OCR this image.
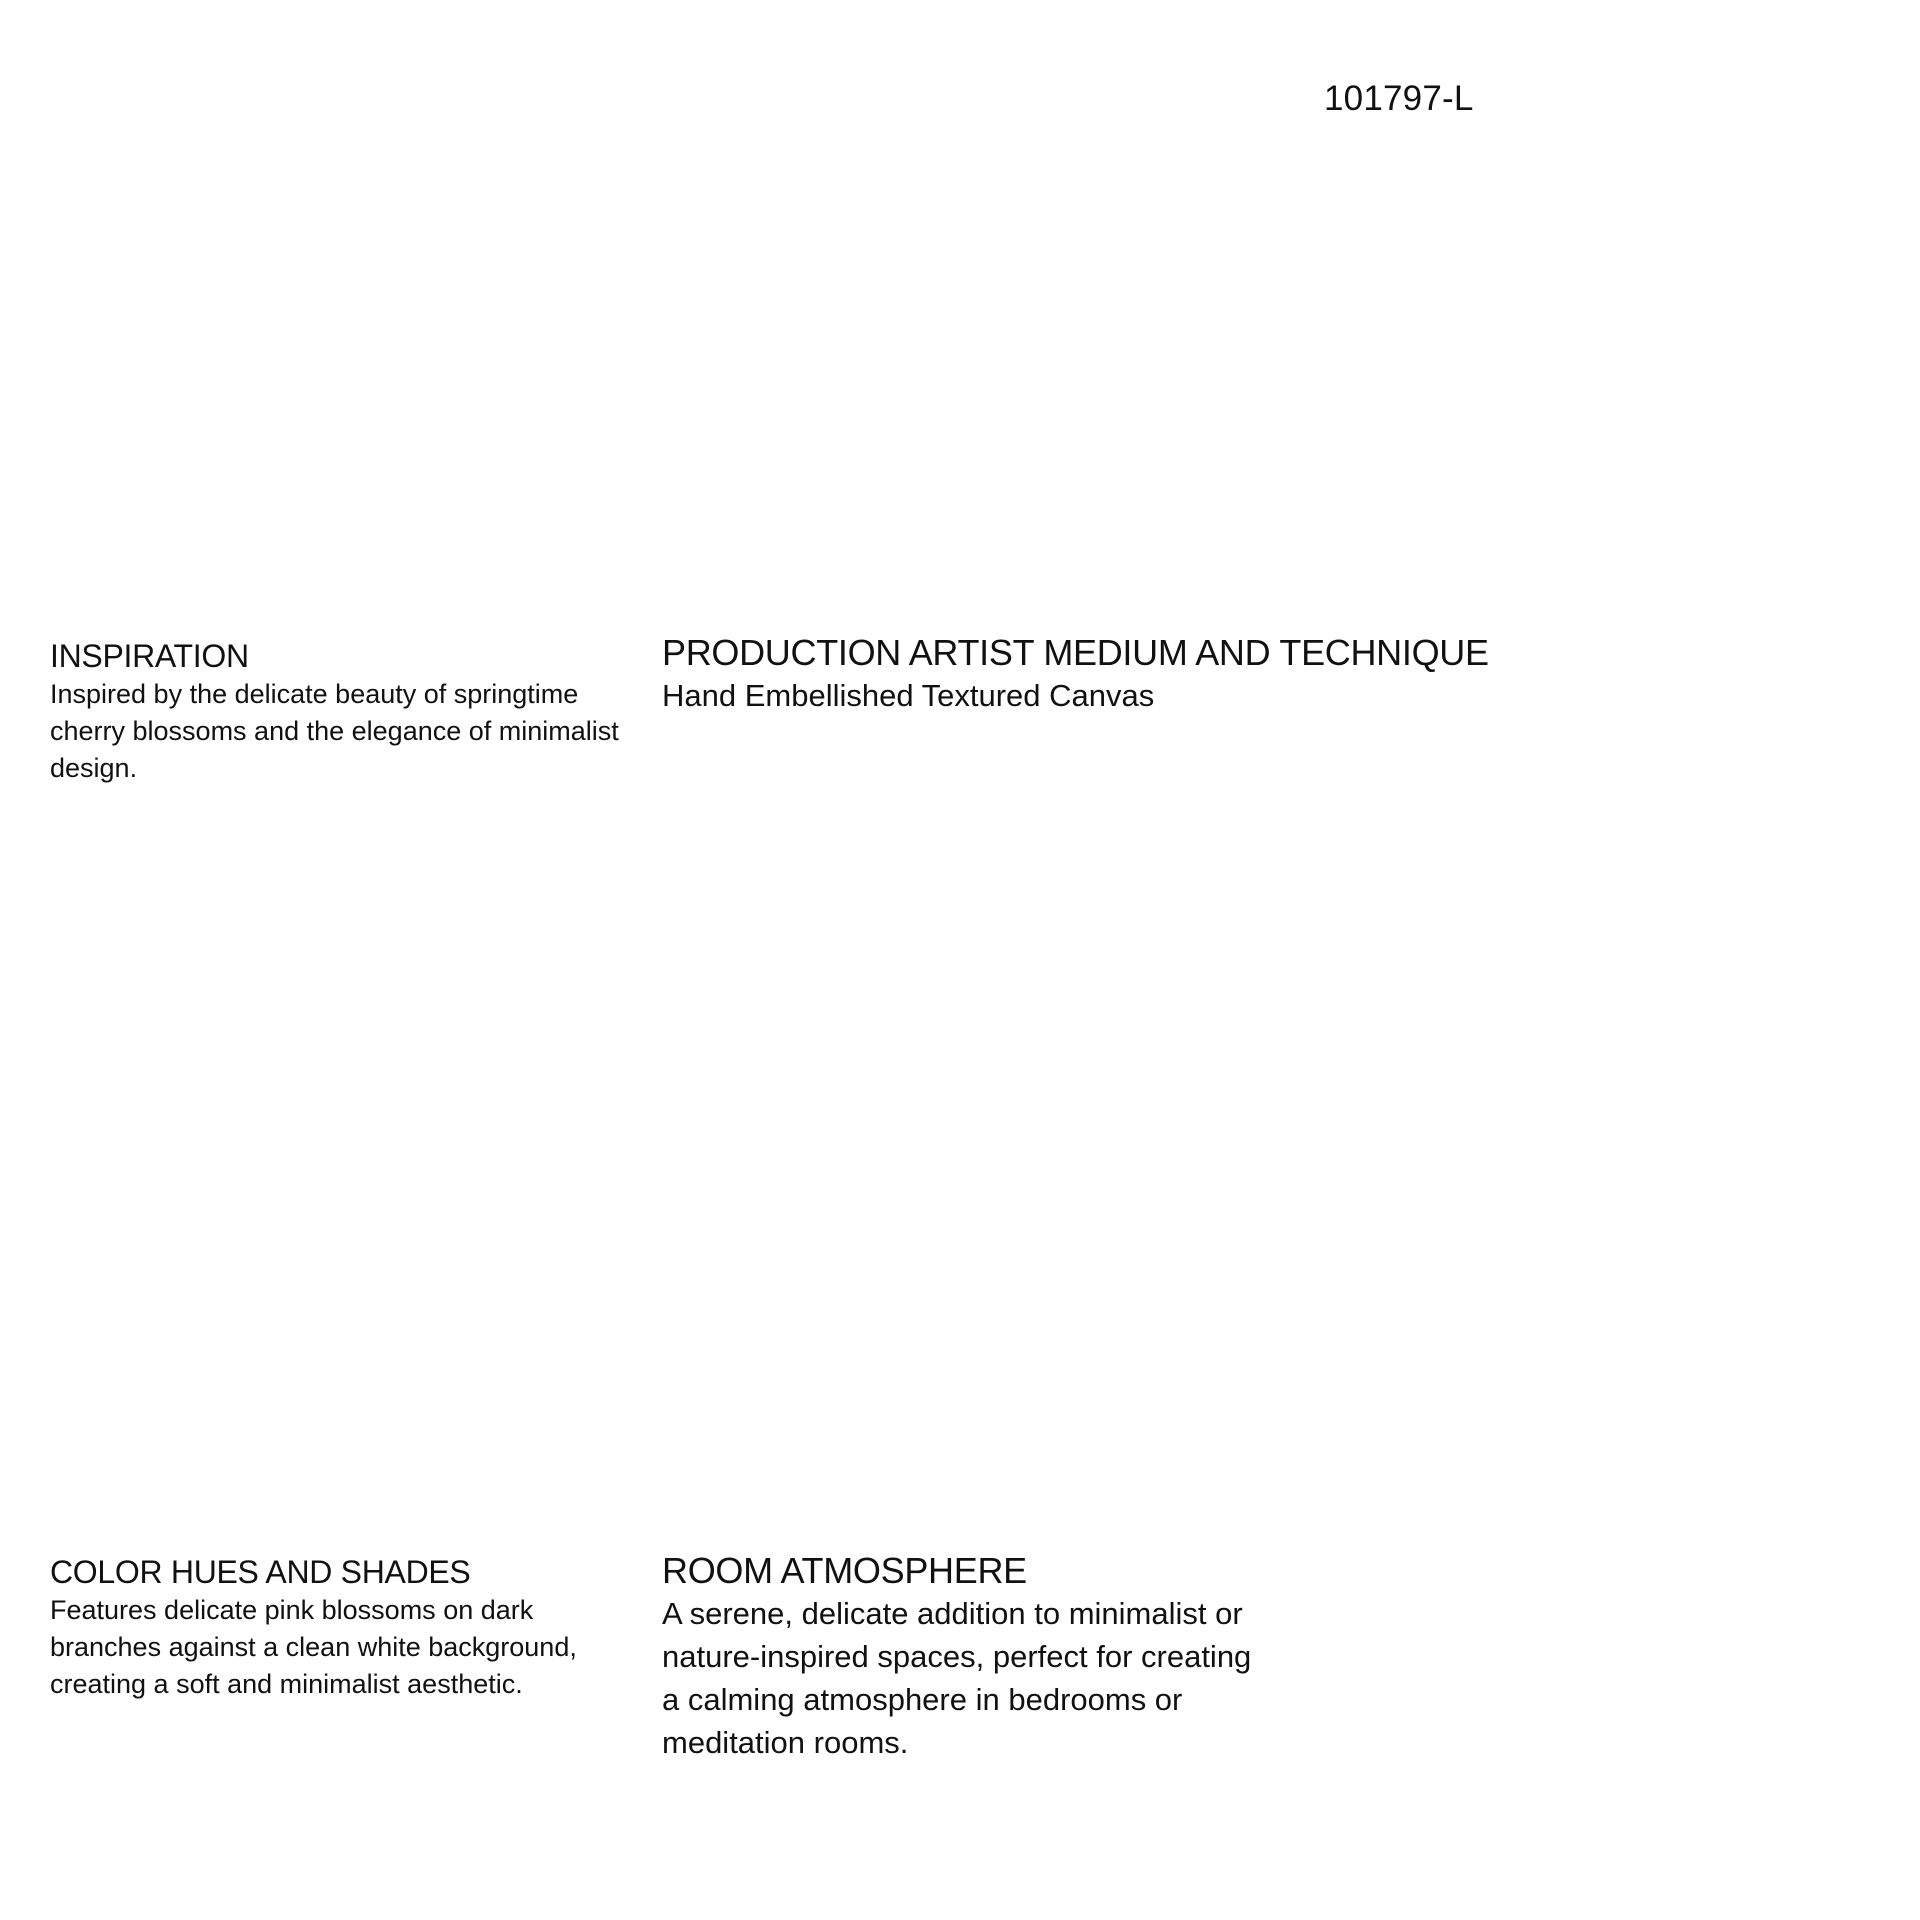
101797-L
INSPIRATION

Inspired by the delicate beauty of springtime cherry blossoms and the elegance of minimalist design.

PRODUCTION ARTIST MEDIUM AND TECHNIQUE

Hand Embellished Textured Canvas

COLOR HUES AND SHADES

Features delicate pink blossoms on dark branches against a clean white background, creating a soft and minimalist aesthetic.

ROOM ATMOSPHERE

A serene, delicate addition to minimalist or nature-inspired spaces, perfect for creating a calming atmosphere in bedrooms or meditation rooms.
